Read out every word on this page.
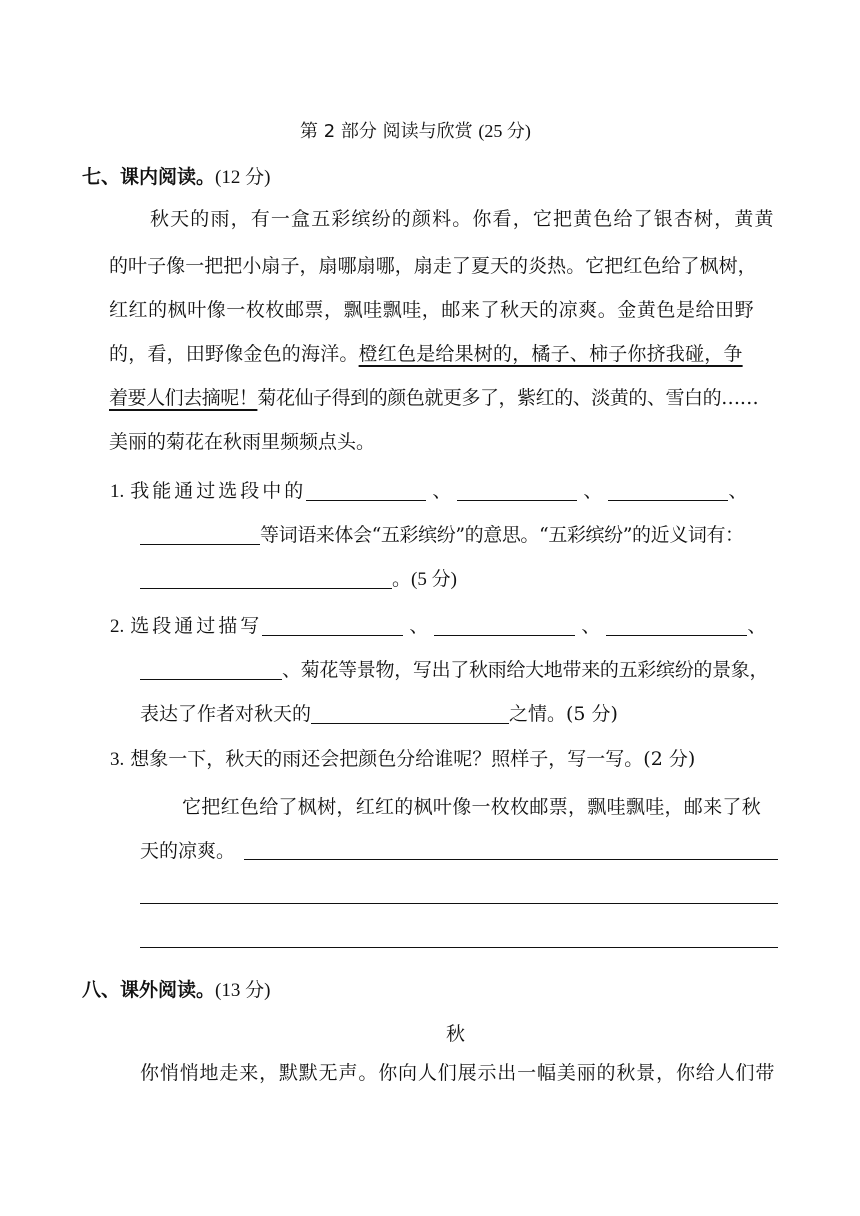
第 2 部分 阅读与欣赏 (25 分)
七、课内阅读。(12 分)
秋天的雨，有一盒五彩缤纷的颜料。你看，它把黄色给了银杏树，黄黄
的叶子像一把把小扇子，扇哪扇哪，扇走了夏天的炎热。它把红色给了枫树，
红红的枫叶像一枚枚邮票，飘哇飘哇，邮来了秋天的凉爽。金黄色是给田野
的，看，田野像金色的海洋。橙红色是给果树的，橘子、柿子你挤我碰，争
着要人们去摘呢！菊花仙子得到的颜色就更多了，紫红的、淡黄的、雪白的……
美丽的菊花在秋雨里频频点头。
1. 我能通过选段中的	、	、	、
等词语来体会“五彩缤纷”的意思。“五彩缤纷”的近义词有：
。(5 分)
2. 选段通过描写	、	、	、
、菊花等景物，写出了秋雨给大地带来的五彩缤纷的景象，
表达了作者对秋天的	之情。(5 分)
3. 想象一下，秋天的雨还会把颜色分给谁呢？照样子，写一写。(2 分)
它把红色给了枫树，红红的枫叶像一枚枚邮票，飘哇飘哇，邮来了秋
天的凉爽。
八、课外阅读。(13 分)
秋
你悄悄地走来，默默无声。你向人们展示出一幅美丽的秋景，你给人们带
